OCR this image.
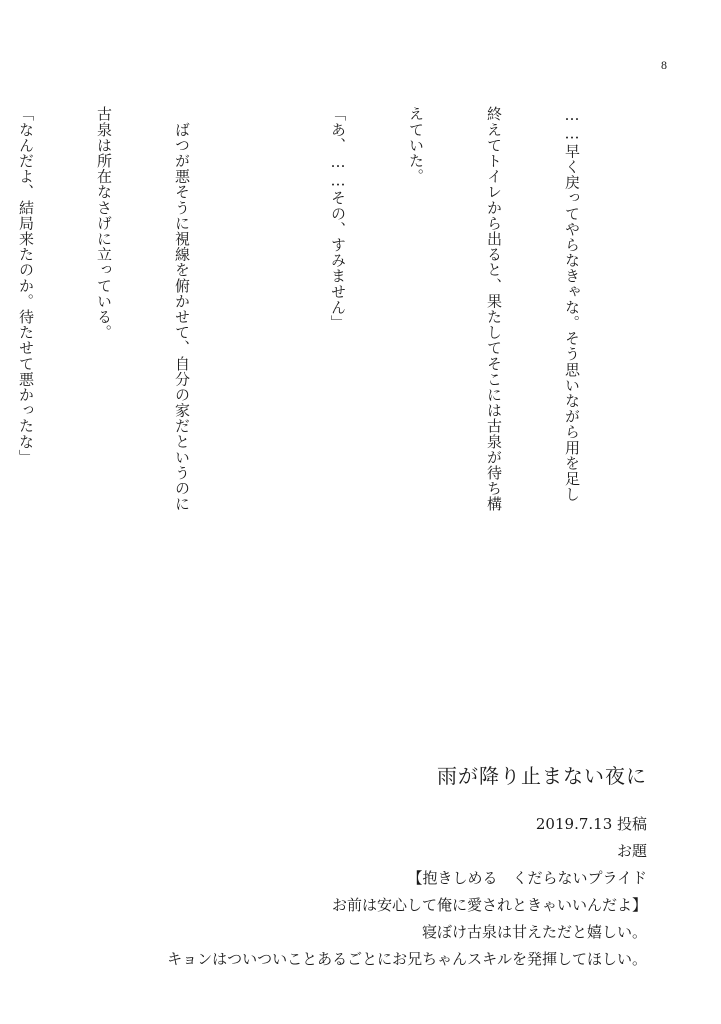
8

……早く戻ってやらなきゃな。そう思いながら用を足し

終えてトイレから出ると、果たしてそこには古泉が待ち構

えていた。

「あ、……その、すみません」

　ばつが悪そうに視線を俯かせて、自分の家だというのに

古泉は所在なさげに立っている。

「なんだよ、結局来たのか。待たせて悪かったな」

雨が降り止まない夜に
2019.7.13 投稿
お題
【抱きしめる　くだらないプライド
お前は安心して俺に愛されときゃいいんだよ】
寝ぼけ古泉は甘えただと嬉しい。
キョンはついついことあるごとにお兄ちゃんスキルを発揮してほしい。
